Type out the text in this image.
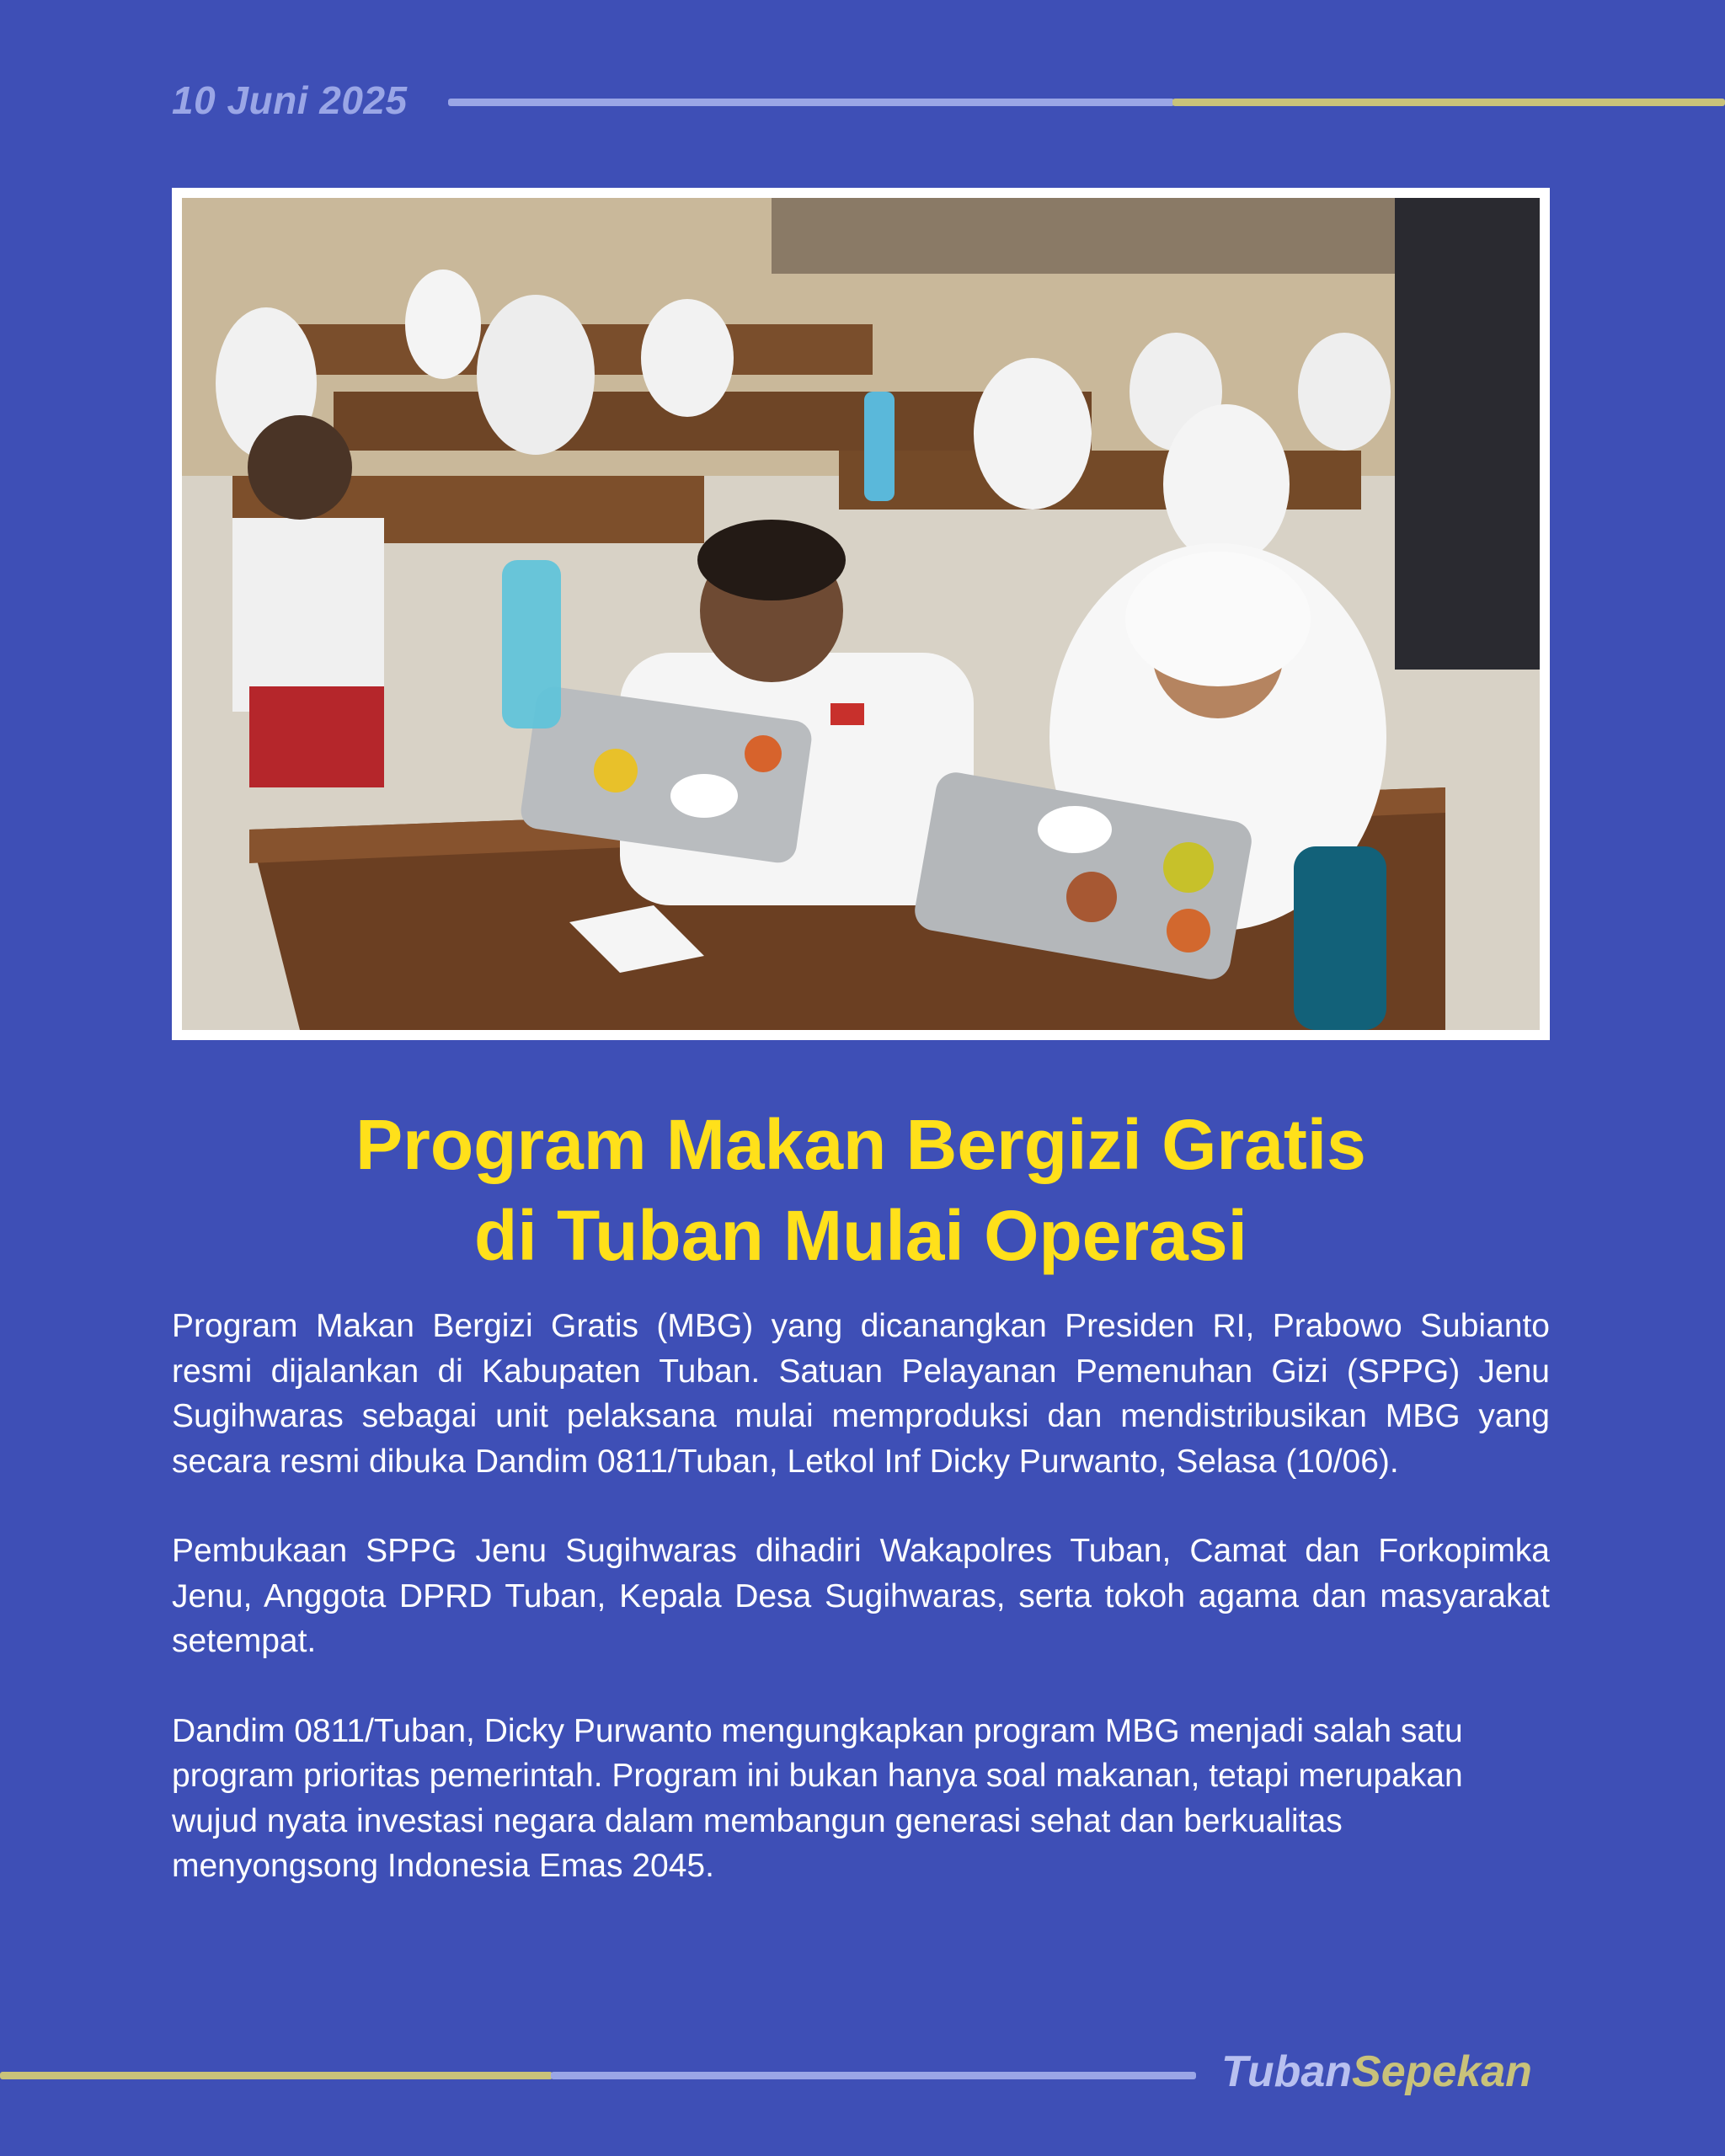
10 Juni 2025
Program Makan Bergizi Gratis
di Tuban Mulai Operasi

Program Makan Bergizi Gratis (MBG) yang dicanangkan Presiden RI, Prabowo Subianto resmi dijalankan di Kabupaten Tuban. Satuan Pelayanan Pemenuhan Gizi (SPPG) Jenu Sugihwaras sebagai unit pelaksana mulai memproduksi dan mendistribusikan MBG yang secara resmi dibuka Dandim 0811/Tuban, Letkol Inf Dicky Purwanto, Selasa (10/06).

Pembukaan SPPG Jenu Sugihwaras dihadiri Wakapolres Tuban, Camat dan Forkopimka Jenu, Anggota DPRD Tuban, Kepala Desa Sugihwaras, serta tokoh agama dan masyarakat setempat.

Dandim 0811/Tuban, Dicky Purwanto mengungkapkan program MBG menjadi salah satu program prioritas pemerintah. Program ini bukan hanya soal makanan, tetapi merupakan wujud nyata investasi negara dalam membangun generasi sehat dan berkualitas menyongsong Indonesia Emas 2045.

TubanSepekan
